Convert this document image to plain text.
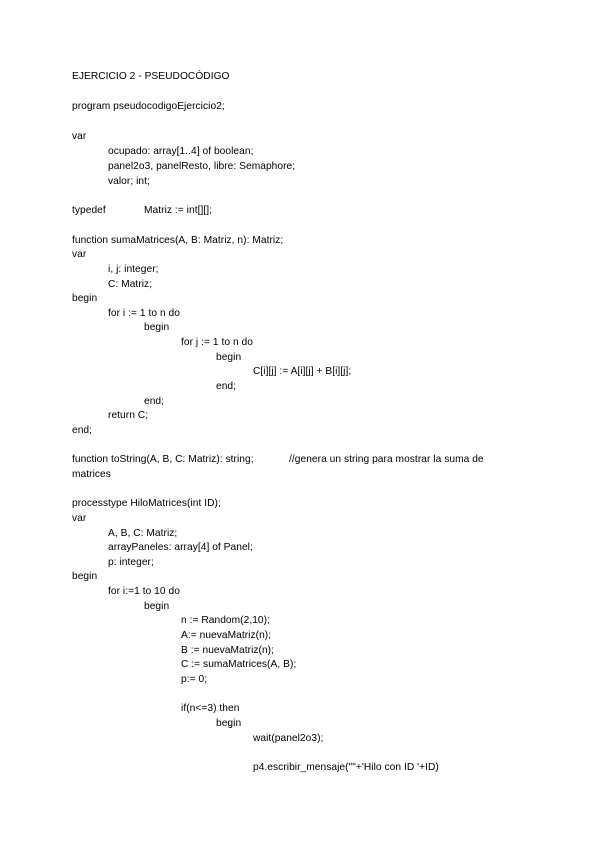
EJERCICIO 2 - PSEUDOCÓDIGO
program pseudocodigoEjercicio2;
var
ocupado: array[1..4] of boolean;
panel2o3, panelResto, libre: Semaphore;
valor; int;
typedef	Matriz := int[][];
function sumaMatrices(A, B: Matriz, n): Matriz;
var
i, j: integer;
C: Matriz;
begin
for i := 1 to n do
begin
for j := 1 to n do
begin
C[i][j] := A[i][j] + B[i][j];
end;
end;
return C;
end;
function toString(A, B, C: Matriz): string;	//genera un string para mostrar la suma de
matrices
processtype HiloMatrices(int ID);
var
A, B, C: Matriz;
arrayPaneles: array[4] of Panel;
p: integer;
begin
for i:=1 to 10 do
begin
n := Random(2,10);
A:= nuevaMatriz(n);
B := nuevaMatriz(n);
C := sumaMatrices(A, B);
p:= 0;
if(n<=3) then
begin
wait(panel2o3);
p4.escribir_mensaje(""+'Hilo con ID '+ID)
